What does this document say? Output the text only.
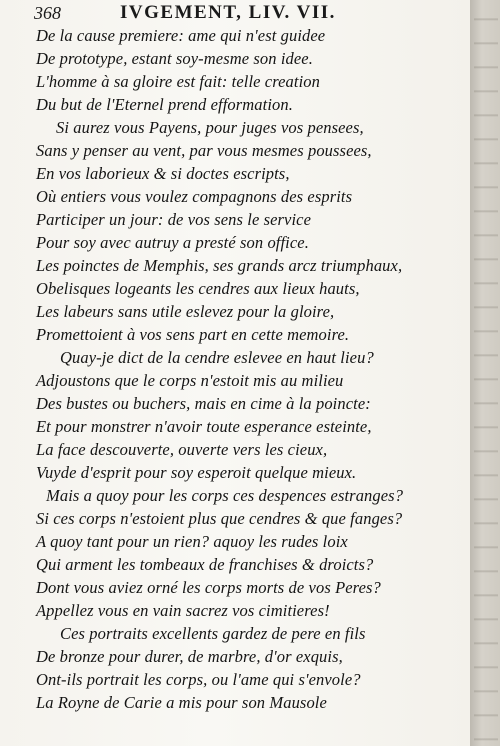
368	IVGEMENT, LIV. VII.
De la cause premiere: ame qui n'est guidee
De prototype, estant soy-mesme son idee.
L'homme à sa gloire est fait: telle creation
Du but de l'Eternel prend efformation.
Si aurez vous Payens, pour juges vos pensees,
Sans y penser au vent, par vous mesmes poussees,
En vos laborieux & si doctes escripts,
Où entiers vous voulez compagnons des esprits
Participer un jour: de vos sens le service
Pour soy avec autruy a presté son office.
Les poinctes de Memphis, ses grands arcz triumphaux,
Obelisques logeants les cendres aux lieux hauts,
Les labeurs sans utile eslevez pour la gloire,
Promettoient à vos sens part en cette memoire.
Quay-je dict de la cendre eslevee en haut lieu?
Adjoustons que le corps n'estoit mis au milieu
Des bustes ou buchers, mais en cime à la poincte:
Et pour monstrer n'avoir toute esperance esteinte,
La face descouverte, ouverte vers les cieux,
Vuyde d'esprit pour soy esperoit quelque mieux.
Mais a quoy pour les corps ces despences estranges?
Si ces corps n'estoient plus que cendres & que fanges?
A quoy tant pour un rien? aquoy les rudes loix
Qui arment les tombeaux de franchises & droicts?
Dont vous aviez orné les corps morts de vos Peres?
Appellez vous en vain sacrez vos cimitieres!
Ces portraits excellents gardez de pere en fils
De bronze pour durer, de marbre, d'or exquis,
Ont-ils portrait les corps, ou l'ame qui s'envole?
La Royne de Carie a mis pour son Mausole
